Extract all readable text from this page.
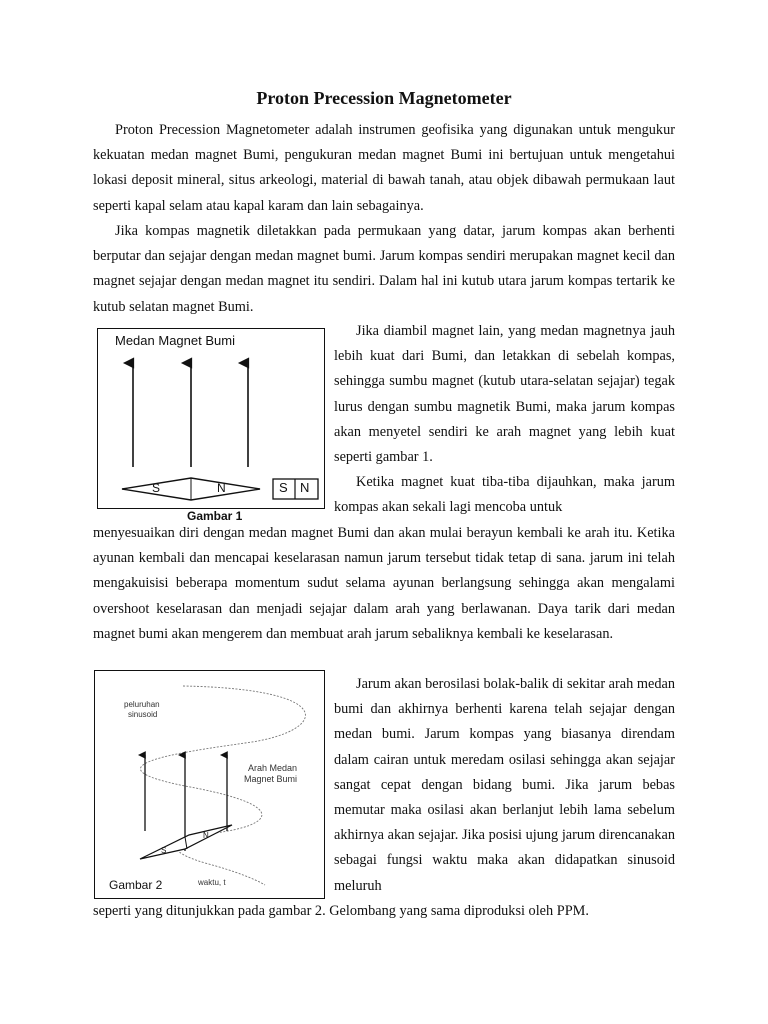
Proton Precession Magnetometer

Proton Precession Magnetometer adalah instrumen geofisika yang digunakan untuk mengukur kekuatan medan magnet Bumi, pengukuran medan magnet Bumi ini bertujuan untuk mengetahui lokasi deposit mineral, situs arkeologi, material di bawah tanah, atau objek dibawah permukaan laut seperti kapal selam atau kapal karam dan lain sebagainya.

Jika kompas magnetik diletakkan pada permukaan yang datar, jarum kompas akan berhenti berputar dan sejajar dengan medan magnet bumi. Jarum kompas sendiri merupakan magnet kecil dan magnet sejajar dengan medan magnet itu sendiri. Dalam hal ini kutub utara jarum kompas tertarik ke kutub selatan magnet Bumi.

Medan Magnet Bumi
S	N	S N
Gambar 1

Jika diambil magnet lain, yang medan magnetnya jauh lebih kuat dari Bumi, dan letakkan di sebelah kompas, sehingga sumbu magnet (kutub utara-selatan sejajar) tegak lurus dengan sumbu magnetik Bumi, maka jarum kompas akan menyetel sendiri ke arah magnet yang lebih kuat seperti gambar 1.

Ketika magnet kuat tiba-tiba dijauhkan, maka jarum kompas akan sekali lagi mencoba untuk

menyesuaikan diri dengan medan magnet Bumi dan akan mulai berayun kembali ke arah itu. Ketika ayunan kembali dan mencapai keselarasan namun jarum tersebut tidak tetap di sana. jarum ini telah mengakuisisi beberapa momentum sudut selama ayunan berlangsung sehingga akan mengalami overshoot keselarasan dan menjadi sejajar dalam arah yang berlawanan. Daya tarik dari medan magnet bumi akan mengerem dan membuat arah jarum sebaliknya kembali ke keselarasan.

peluruhan
sinusoid
Arah Medan
Magnet Bumi
S
N
waktu, t
Gambar 2

Jarum akan berosilasi bolak-balik di sekitar arah medan bumi dan akhirnya berhenti karena telah sejajar dengan medan bumi. Jarum kompas yang biasanya direndam dalam cairan untuk meredam osilasi sehingga akan sejajar sangat cepat dengan bidang bumi. Jika jarum bebas memutar maka osilasi akan berlanjut lebih lama sebelum akhirnya akan sejajar. Jika posisi ujung jarum direncanakan sebagai fungsi waktu maka akan didapatkan sinusoid meluruh

seperti yang ditunjukkan pada gambar 2. Gelombang yang sama diproduksi oleh PPM.
